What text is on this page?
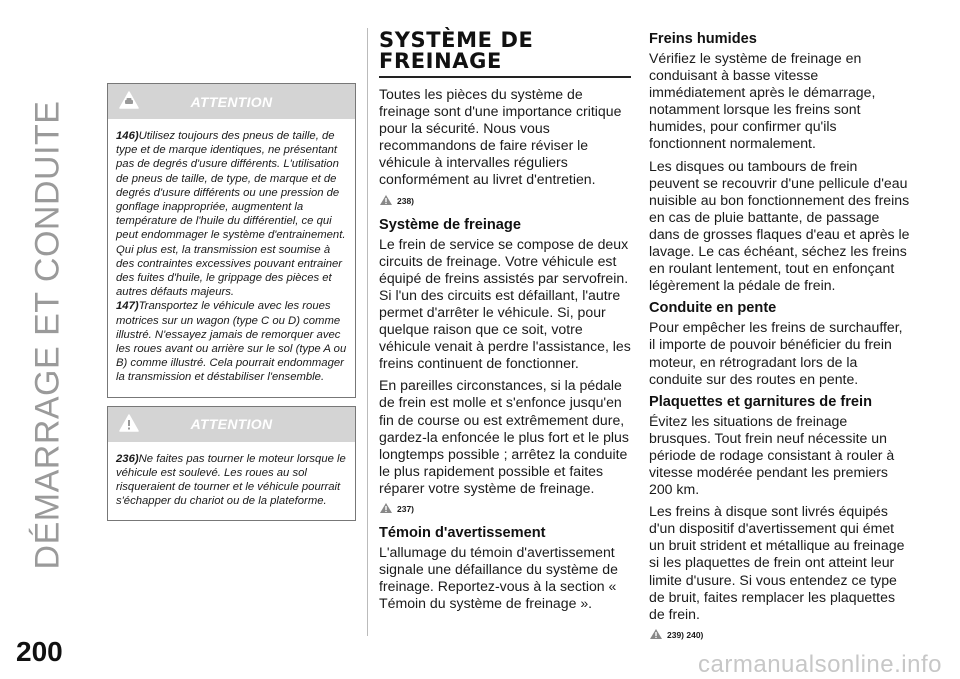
DÉMARRAGE ET CONDUITE	ATTENTION

146)Utilisez toujours des pneus de taille, de type et de marque identiques, ne présentant pas de degrés d'usure différents. L'utilisation de pneus de taille, de type, de marque et de degrés d'usure différents ou une pression de gonflage inappropriée, augmentent la température de l'huile du différentiel, ce qui peut endommager le système d'entrainement. Qui plus est, la transmission est soumise à des contraintes excessives pouvant entrainer des fuites d'huile, le grippage des pièces et autres défauts majeurs.

147)Transportez le véhicule avec les roues motrices sur un wagon (type C ou D) comme illustré. N'essayez jamais de remorquer avec les roues avant ou arrière sur le sol (type A ou B) comme illustré. Cela pourrait endommager la transmission et déstabiliser l'ensemble.

ATTENTION

236)Ne faites pas tourner le moteur lorsque le véhicule est soulevé. Les roues au sol risqueraient de tourner et le véhicule pourrait s'échapper du chariot ou de la plateforme.

SYSTÈME DE FREINAGE

Toutes les pièces du système de freinage sont d'une importance critique pour la sécurité. Nous vous recommandons de faire réviser le véhicule à intervalles réguliers conformément au livret d'entretien.

238)
Système de freinage

Le frein de service se compose de deux circuits de freinage. Votre véhicule est équipé de freins assistés par servofrein. Si l'un des circuits est défaillant, l'autre permet d'arrêter le véhicule. Si, pour quelque raison que ce soit, votre véhicule venait à perdre l'assistance, les freins continuent de fonctionner.

En pareilles circonstances, si la pédale de frein est molle et s'enfonce jusqu'en fin de course ou est extrêmement dure, gardez-la enfoncée le plus fort et le plus longtemps possible ; arrêtez la conduite le plus rapidement possible et faites réparer votre système de freinage.

237)
Témoin d'avertissement

L'allumage du témoin d'avertissement signale une défaillance du système de freinage. Reportez-vous à la section « Témoin du système de freinage ».

Freins humides

Vérifiez le système de freinage en conduisant à basse vitesse immédiatement après le démarrage, notamment lorsque les freins sont humides, pour confirmer qu'ils fonctionnent normalement.

Les disques ou tambours de frein peuvent se recouvrir d'une pellicule d'eau nuisible au bon fonctionnement des freins en cas de pluie battante, de passage dans de grosses flaques d'eau et après le lavage. Le cas échéant, séchez les freins en roulant lentement, tout en enfonçant légèrement la pédale de frein.

Conduite en pente

Pour empêcher les freins de surchauffer, il importe de pouvoir bénéficier du frein moteur, en rétrogradant lors de la conduite sur des routes en pente.

Plaquettes et garnitures de frein

Évitez les situations de freinage brusques. Tout frein neuf nécessite un période de rodage consistant à rouler à vitesse modérée pendant les premiers 200 km.

Les freins à disque sont livrés équipés d'un dispositif d'avertissement qui émet un bruit strident et métallique au freinage si les plaquettes de frein ont atteint leur limite d'usure. Si vous entendez ce type de bruit, faites remplacer les plaquettes de frein.

239) 240)
200	carmanualsonline.info
